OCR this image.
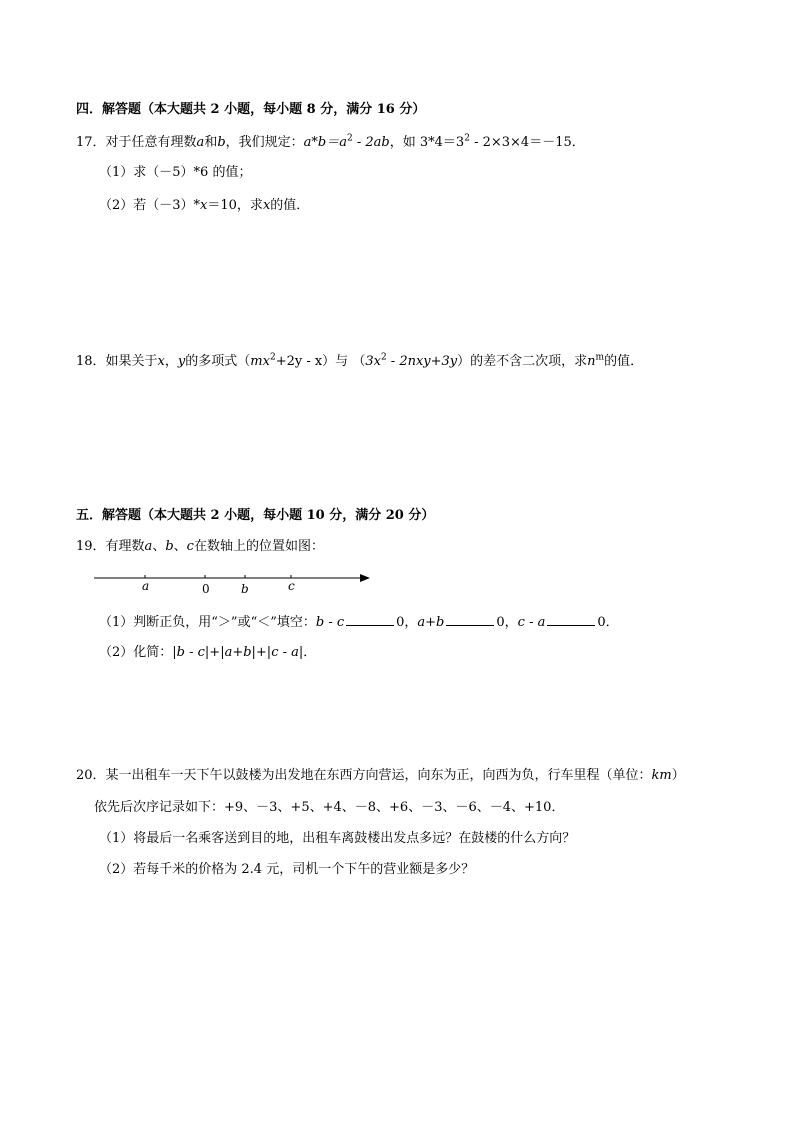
四．解答题（本大题共 2 小题，每小题 8 分，满分 16 分）
17．对于任意有理数a和b，我们规定：$a*b=a^2 - 2ab$，如 $3*4=3^2 - 2\times 3\times 4=-15$．
（1）求（－5）*6 的值；
（2）若（－3）*x＝10，求x的值．
18．如果关于x，y的多项式$(mx^2+2y - x)$与 $(3x^2 - 2nxy+3y)$的差不含二次项，求$n^m$的值．
五．解答题（本大题共 2 小题，每小题 10 分，满分 20 分）
19．有理数a、b、c在数轴上的位置如图：
a	0	b	c
（1）判断正负，用“＞”或“＜”填空：b - c	0，a+b	0，c - a	0．
（2）化简：|b - c|+|a+b|+|c - a|．
20．某一出租车一天下午以鼓楼为出发地在东西方向营运，向东为正，向西为负，行车里程（单位：km）
依先后次序记录如下：+9、－3、+5、+4、－8、+6、－3、－6、－4、+10．
（1）将最后一名乘客送到目的地，出租车离鼓楼出发点多远？在鼓楼的什么方向？
（2）若每千米的价格为 2.4 元，司机一个下午的营业额是多少？
